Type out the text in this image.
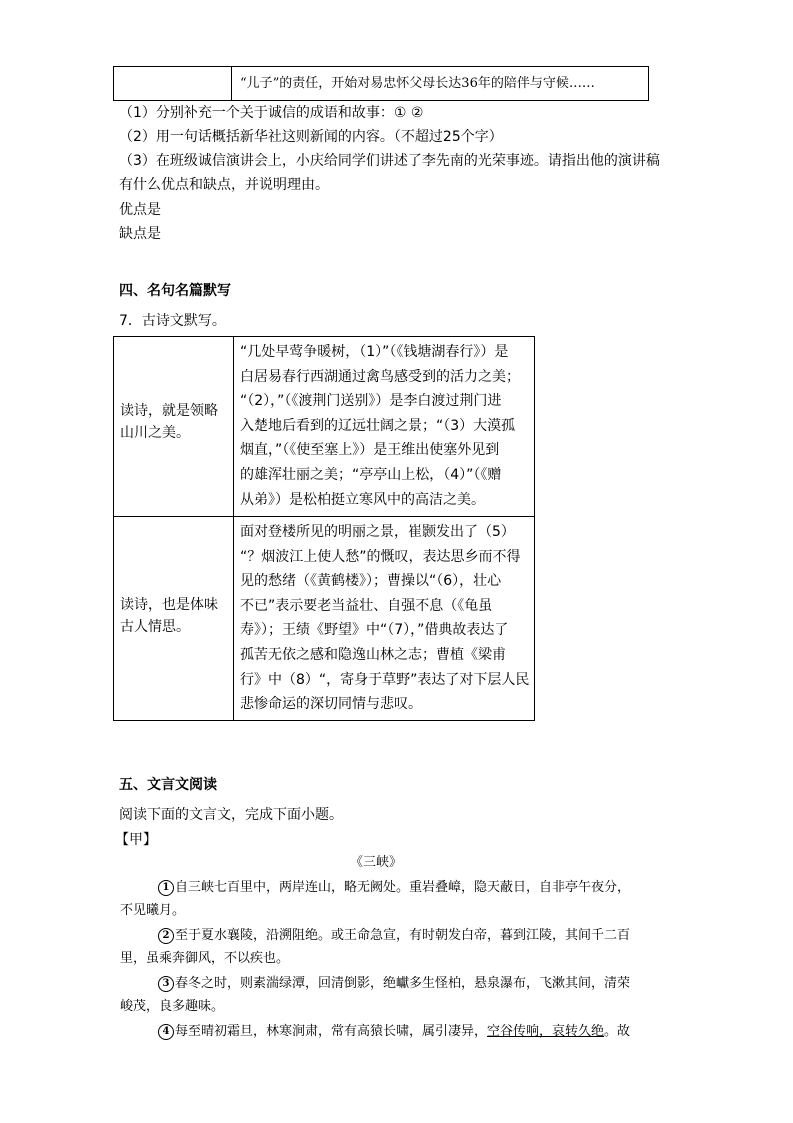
“儿子”的责任，开始对易忠怀父母长达36年的陪伴与守候……
（1）分别补充一个关于诚信的成语和故事：① ②
（2）用一句话概括新华社这则新闻的内容。（不超过25个字）
（3）在班级诚信演讲会上，小庆给同学们讲述了李先南的光荣事迹。请指出他的演讲稿
有什么优点和缺点，并说明理由。
优点是
缺点是
四、名句名篇默写
7．古诗文默写。
读诗，就是领略
山川之美。
“几处早莺争暖树，（1）”（《钱塘湖春行》）是
白居易春行西湖通过禽鸟感受到的活力之美；
“（2），”（《渡荆门送别》）是李白渡过荆门进
入楚地后看到的辽远壮阔之景；“（3）大漠孤
烟直，”（《使至塞上》）是王维出使塞外见到
的雄浑壮丽之美；“亭亭山上松，（4）”（《赠
从弟》）是松柏挺立寒风中的高洁之美。
读诗，也是体味
古人情思。
面对登楼所见的明丽之景，崔颢发出了（5）
“？烟波江上使人愁”的慨叹，表达思乡而不得
见的愁绪（《黄鹤楼》）；曹操以“（6），壮心
不已”表示要老当益壮、自强不息（《龟虽
寿》）；王绩《野望》中“（7），”借典故表达了
孤苦无依之感和隐逸山林之志；曹植《梁甫
行》中（8）“，寄身于草野”表达了对下层人民
悲惨命运的深切同情与悲叹。
五、文言文阅读
阅读下面的文言文，完成下面小题。
【甲】
《三峡》
1 自三峡七百里中，两岸连山，略无阙处。重岩叠嶂，隐天蔽日，自非亭午夜分，
不见曦月。
2 至于夏水襄陵，沿溯阻绝。或王命急宣，有时朝发白帝，暮到江陵，其间千二百
里，虽乘奔御风，不以疾也。
3 春冬之时，则素湍绿潭，回清倒影，绝巘多生怪柏，悬泉瀑布，飞漱其间，清荣
峻茂，良多趣味。
4 每至晴初霜旦，林寒涧肃，常有高猿长啸，属引凄异，空谷传响，哀转久绝。故
